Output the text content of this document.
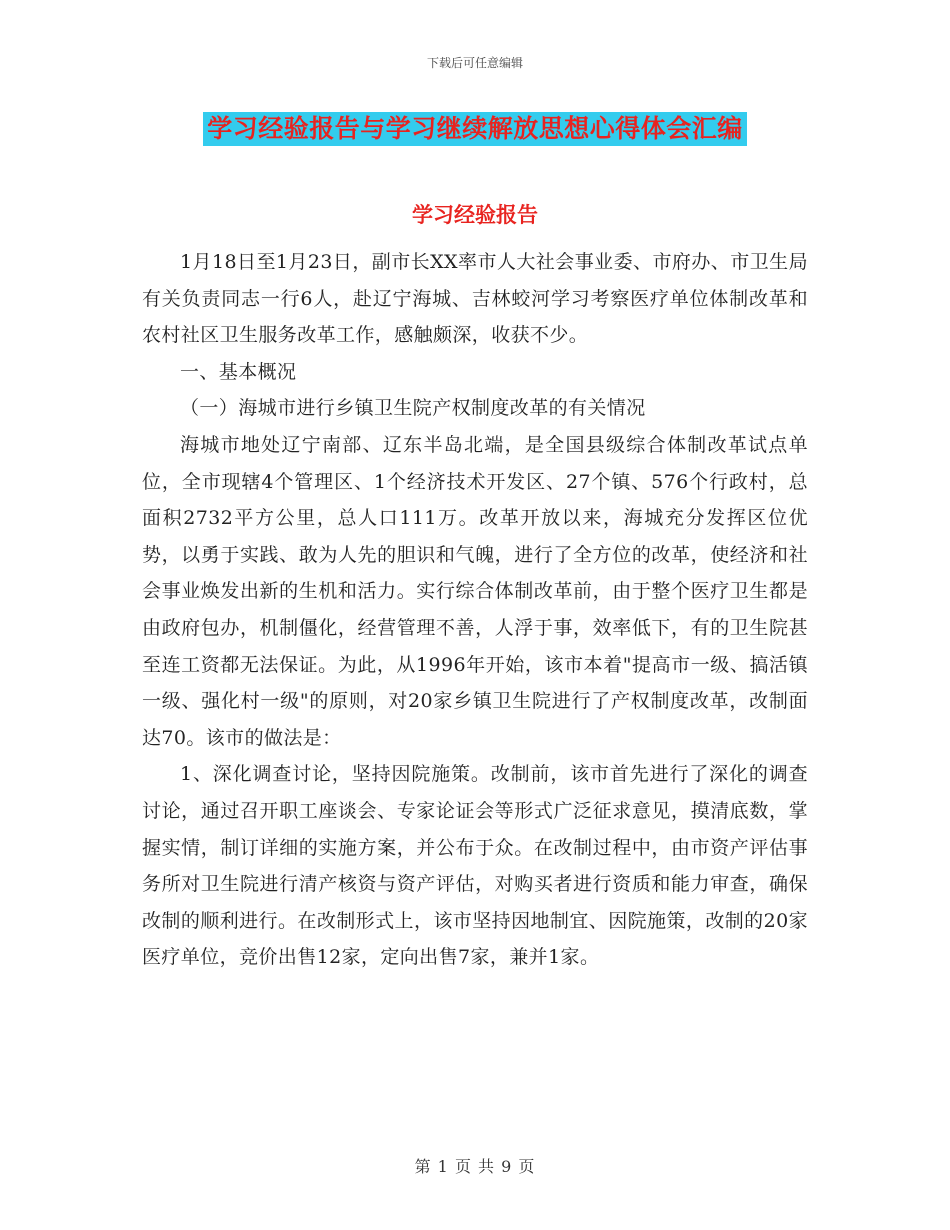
下载后可任意编辑
学习经验报告与学习继续解放思想心得体会汇编
学习经验报告

1月18日至1月23日，副市长XX率市人大社会事业委、市府办、市卫生局有关负责同志一行6人，赴辽宁海城、吉林蛟河学习考察医疗单位体制改革和农村社区卫生服务改革工作，感触颇深，收获不少。

一、基本概况

（一）海城市进行乡镇卫生院产权制度改革的有关情况

海城市地处辽宁南部、辽东半岛北端，是全国县级综合体制改革试点单位，全市现辖4个管理区、1个经济技术开发区、27个镇、576个行政村，总面积2732平方公里，总人口111万。改革开放以来，海城充分发挥区位优势，以勇于实践、敢为人先的胆识和气魄，进行了全方位的改革，使经济和社会事业焕发出新的生机和活力。实行综合体制改革前，由于整个医疗卫生都是由政府包办，机制僵化，经营管理不善，人浮于事，效率低下，有的卫生院甚至连工资都无法保证。为此，从1996年开始，该市本着"提高市一级、搞活镇一级、强化村一级"的原则，对20家乡镇卫生院进行了产权制度改革，改制面达70。该市的做法是：

1、深化调查讨论，坚持因院施策。改制前，该市首先进行了深化的调查讨论，通过召开职工座谈会、专家论证会等形式广泛征求意见，摸清底数，掌握实情，制订详细的实施方案，并公布于众。在改制过程中，由市资产评估事务所对卫生院进行清产核资与资产评估，对购买者进行资质和能力审查，确保改制的顺利进行。在改制形式上，该市坚持因地制宜、因院施策，改制的20家医疗单位，竞价出售12家，定向出售7家，兼并1家。

第 1 页 共 9 页
